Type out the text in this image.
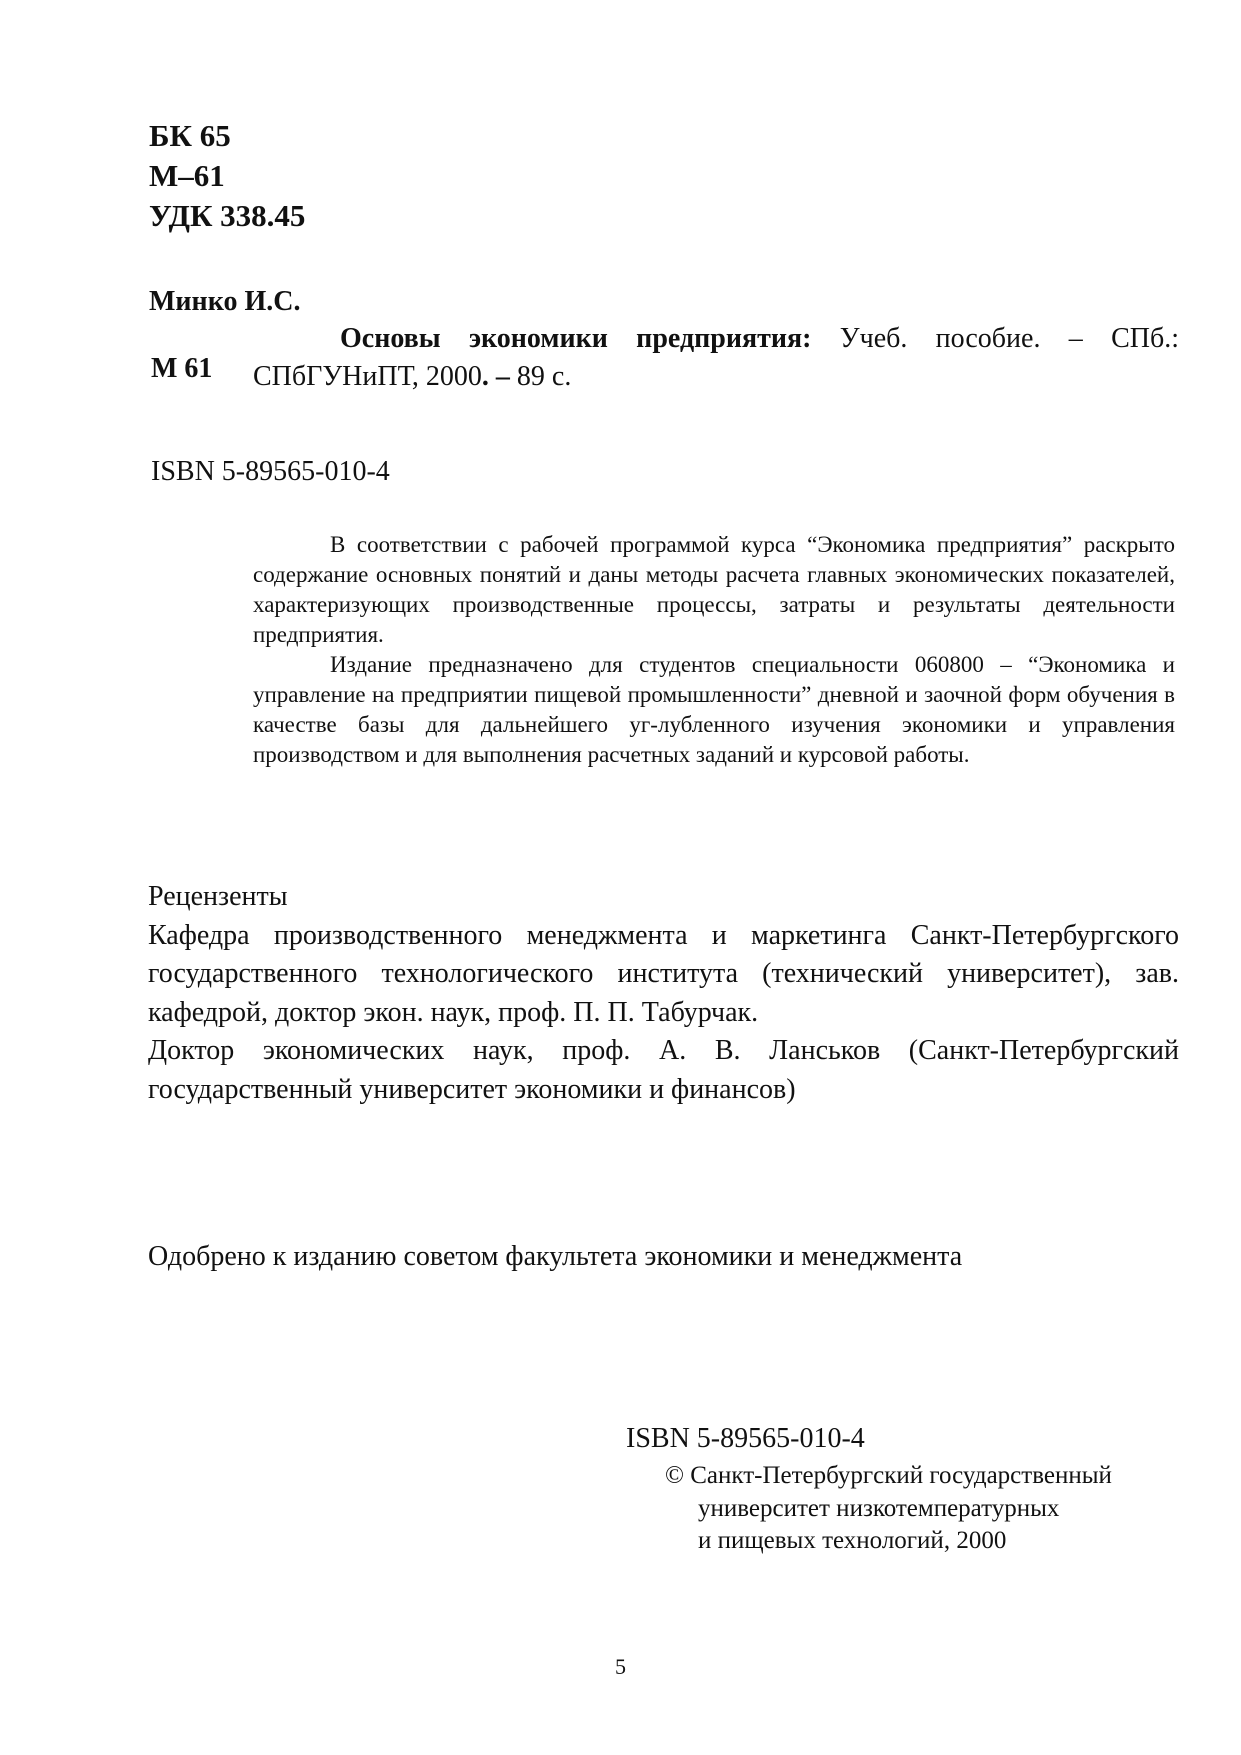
БК 65
М–61
УДК 338.45
Минко И.С.
М 61
Основы экономики предприятия: Учеб. пособие. – СПб.:
СПбГУНиПТ, 2000. – 89 с.
ISBN 5-89565-010-4

В соответствии с рабочей программой курса “Экономика предприятия” раскрыто содержание основных понятий и даны методы расчета главных экономических показателей, характеризующих производственные процессы, затраты и результаты деятельности предприятия.

Издание предназначено для студентов специальности 060800 – “Экономика и управление на предприятии пищевой промышленности” дневной и заочной форм обучения в качестве базы для дальнейшего уг-лубленного изучения экономики и управления производством и для выполнения расчетных заданий и курсовой работы.

Рецензенты

Кафедра производственного менеджмента и маркетинга Санкт-Петербургского государственного технологического института (технический университет), зав. кафедрой, доктор экон. наук, проф. П. П. Табурчак.

Доктор экономических наук, проф. А. В. Ланськов (Санкт-Петербургский государственный университет экономики и финансов)

Одобрено к изданию советом факультета экономики и менеджмента
ISBN 5-89565-010-4
© Санкт-Петербургский государственный
университет низкотемпературных
и пищевых технологий, 2000
5
